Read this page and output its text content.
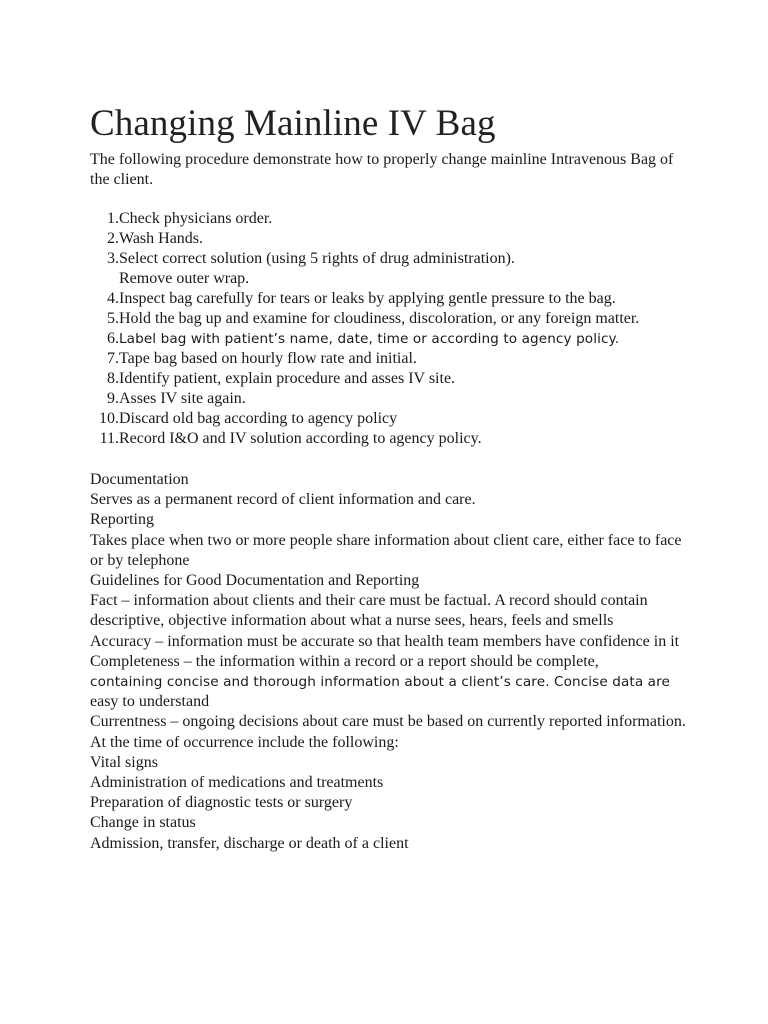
Changing Mainline IV Bag

The following procedure demonstrate how to properly change mainline Intravenous Bag of the client.

1. Check physicians order.
2. Wash Hands.
3. Select correct solution (using 5 rights of drug administration).
Remove outer wrap.
4. Inspect bag carefully for tears or leaks by applying gentle pressure to the bag.
5. Hold the bag up and examine for cloudiness, discoloration, or any foreign matter.
6. Label bag with patient’s name, date, time or according to agency policy.
7. Tape bag based on hourly flow rate and initial.
8. Identify patient, explain procedure and asses IV site.
9. Asses IV site again.
10. Discard old bag according to agency policy
11. Record I&O and IV solution according to agency policy.

Documentation

Serves as a permanent record of client information and care.

Reporting

Takes place when two or more people share information about client care, either face to face or by telephone

Guidelines for Good Documentation and Reporting

Fact – information about clients and their care must be factual. A record should contain descriptive, objective information about what a nurse sees, hears, feels and smells

Accuracy – information must be accurate so that health team members have confidence in it

Completeness – the information within a record or a report should be complete,

containing concise and thorough information about a client’s care. Concise data are

easy to understand

Currentness – ongoing decisions about care must be based on currently reported information.

At the time of occurrence include the following:

Vital signs

Administration of medications and treatments

Preparation of diagnostic tests or surgery

Change in status

Admission, transfer, discharge or death of a client
